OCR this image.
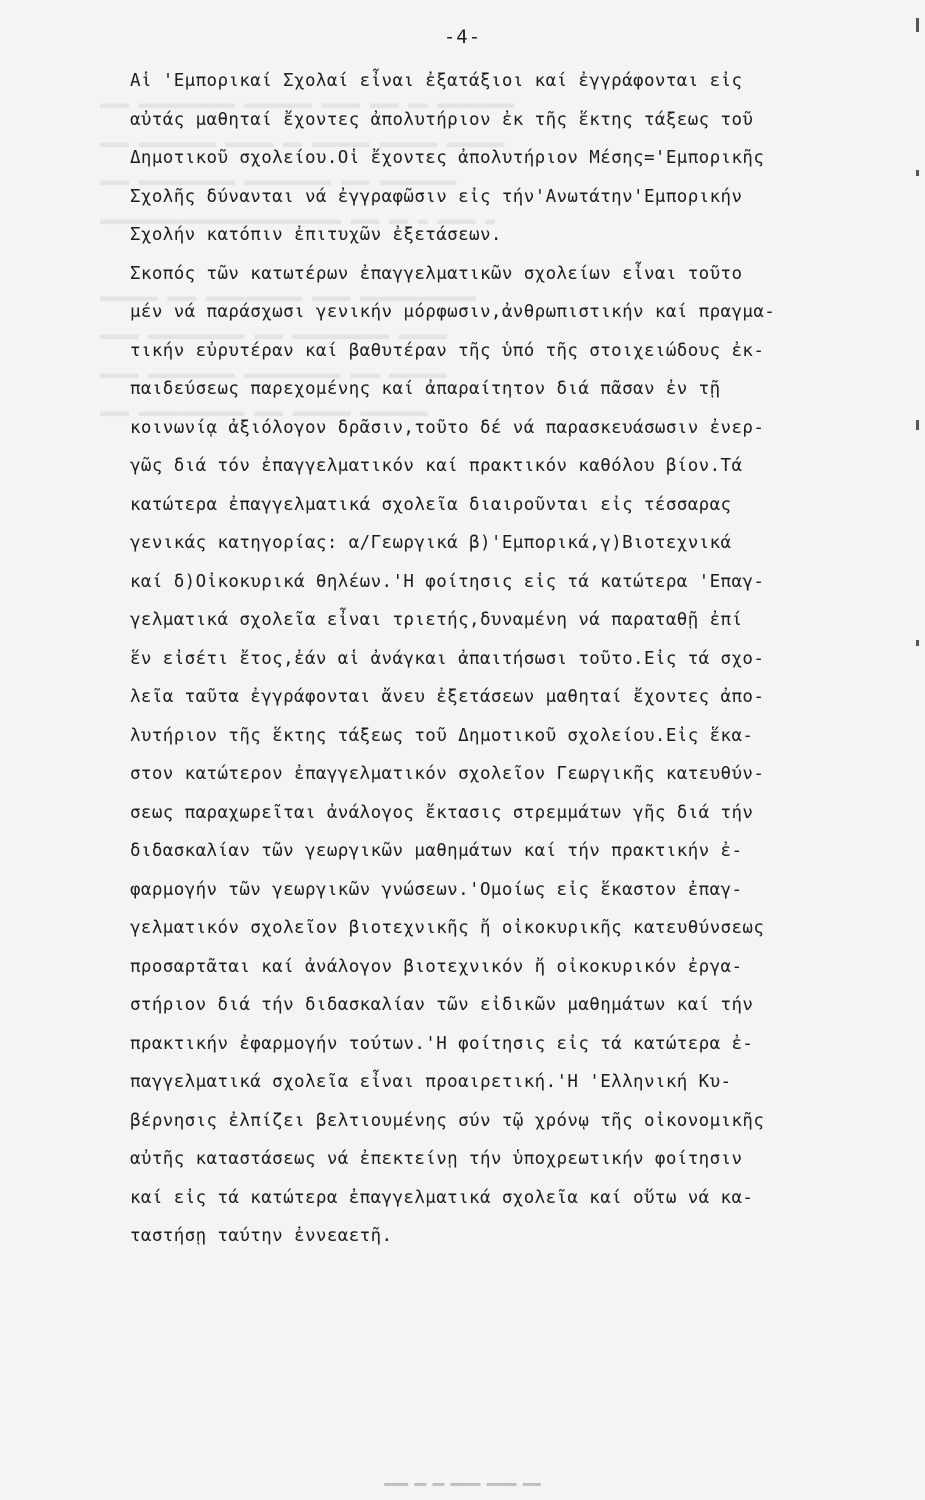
-4-
▬▬▬ ▬▬▬▬▬▬▬▬▬▬ ▬▬▬▬▬▬▬ ▬▬▬▬ ▬▬▬ ▬▬ ▬▬▬▬▬▬▬▬
▬▬▬ ▬▬▬▬▬▬▬▬ ▬▬▬▬▬ ▬▬ ▬▬▬▬▬▬ ▬▬▬▬▬▬ ▬▬▬▬▬▬
▬▬▬ ▬▬▬▬▬▬▬▬▬▬ ▬▬▬▬▬▬▬▬▬ ▬▬▬ ▬▬▬▬▬▬▬▬
▬▬▬▬▬▬▬▬▬▬▬▬▬▬▬▬▬▬▬▬▬▬▬▬▬ ▬▬▬ ▬▬ ▬ ▬▬▬▬ ▬
▬▬▬▬▬▬ ▬▬▬ ▬▬▬▬▬▬▬▬▬▬ ▬▬▬▬ ▬▬▬▬▬▬▬▬▬▬▬▬
▬▬▬▬ ▬▬▬▬▬▬▬▬▬▬ ▬▬▬ ▬▬▬▬▬▬▬▬▬▬ ▬▬▬▬▬
▬▬▬▬ ▬▬▬▬▬▬▬▬▬ ▬▬▬▬▬▬▬▬▬▬ ▬▬▬ ▬▬▬▬▬▬
▬▬▬ ▬▬▬▬▬▬▬▬▬▬▬ ▬▬▬ ▬▬▬▬▬▬ ▬▬▬▬▬▬▬
Αἱ 'Εμπορικαί Σχολαί εἶναι ἐξατάξιοι καί ἐγγράφονται εἰς
αὐτάς μαθηταί ἔχοντες ἀπολυτήριον ἐκ τῆς ἕκτης τάξεως τοῦ
Δημοτικοῦ σχολείου.Οἱ ἔχοντες ἀπολυτήριον Μέσης='Εμπορικῆς
Σχολῆς δύνανται νά ἐγγραφῶσιν εἰς τήν'Ανωτάτην'Εμπορικήν
Σχολήν κατόπιν ἐπιτυχῶν ἐξετάσεων.
Σκοπός τῶν κατωτέρων ἐπαγγελματικῶν σχολείων εἶναι τοῦτο
μέν νά παράσχωσι γενικήν μόρφωσιν,ἀνθρωπιστικήν καί πραγμα-
τικήν εὐρυτέραν καί βαθυτέραν τῆς ὑπό τῆς στοιχειώδους ἐκ-
παιδεύσεως παρεχομένης καί ἀπαραίτητον διά πᾶσαν ἐν τῇ
κοινωνίᾳ ἀξιόλογον δρᾶσιν,τοῦτο δέ νά παρασκευάσωσιν ἐνερ-
γῶς διά τόν ἐπαγγελματικόν καί πρακτικόν καθόλου βίον.Τά
κατώτερα ἐπαγγελματικά σχολεῖα διαιροῦνται εἰς τέσσαρας
γενικάς κατηγορίας: α/Γεωργικά β)'Εμπορικά,γ)Βιοτεχνικά
καί δ)Οἰκοκυρικά θηλέων.'Η φοίτησις εἰς τά κατώτερα 'Επαγ-
γελματικά σχολεῖα εἶναι τριετής,δυναμένη νά παραταθῇ ἐπί
ἕν εἰσέτι ἔτος,ἐάν αἱ ἀνάγκαι ἀπαιτήσωσι τοῦτο.Εἰς τά σχο-
λεῖα ταῦτα ἐγγράφονται ἄνευ ἐξετάσεων μαθηταί ἔχοντες ἀπο-
λυτήριον τῆς ἕκτης τάξεως τοῦ Δημοτικοῦ σχολείου.Εἰς ἕκα-
στον κατώτερον ἐπαγγελματικόν σχολεῖον Γεωργικῆς κατευθύν-
σεως παραχωρεῖται ἀνάλογος ἔκτασις στρεμμάτων γῆς διά τήν
διδασκαλίαν τῶν γεωργικῶν μαθημάτων καί τήν πρακτικήν ἐ-
φαρμογήν τῶν γεωργικῶν γνώσεων.'Ομοίως εἰς ἕκαστον ἐπαγ-
γελματικόν σχολεῖον βιοτεχνικῆς ἤ οἰκοκυρικῆς κατευθύνσεως
προσαρτᾶται καί ἀνάλογον βιοτεχνικόν ἤ οἰκοκυρικόν ἐργα-
στήριον διά τήν διδασκαλίαν τῶν εἰδικῶν μαθημάτων καί τήν
πρακτικήν ἐφαρμογήν τούτων.'Η φοίτησις εἰς τά κατώτερα ἐ-
παγγελματικά σχολεῖα εἶναι προαιρετική.'Η 'Ελληνική Κυ-
βέρνησις ἐλπίζει βελτιουμένης σύν τῷ χρόνῳ τῆς οἰκονομικῆς
αὐτῆς καταστάσεως νά ἐπεκτείνῃ τήν ὑποχρεωτικήν φοίτησιν
καί εἰς τά κατώτερα ἐπαγγελματικά σχολεῖα καί οὕτω νά κα-
ταστήσῃ ταύτην ἐννεαετῆ.
▬▬▬▬ ▬▬ ▬▬ ▬▬▬▬▬ ▬▬▬▬▬ ▬▬▬
